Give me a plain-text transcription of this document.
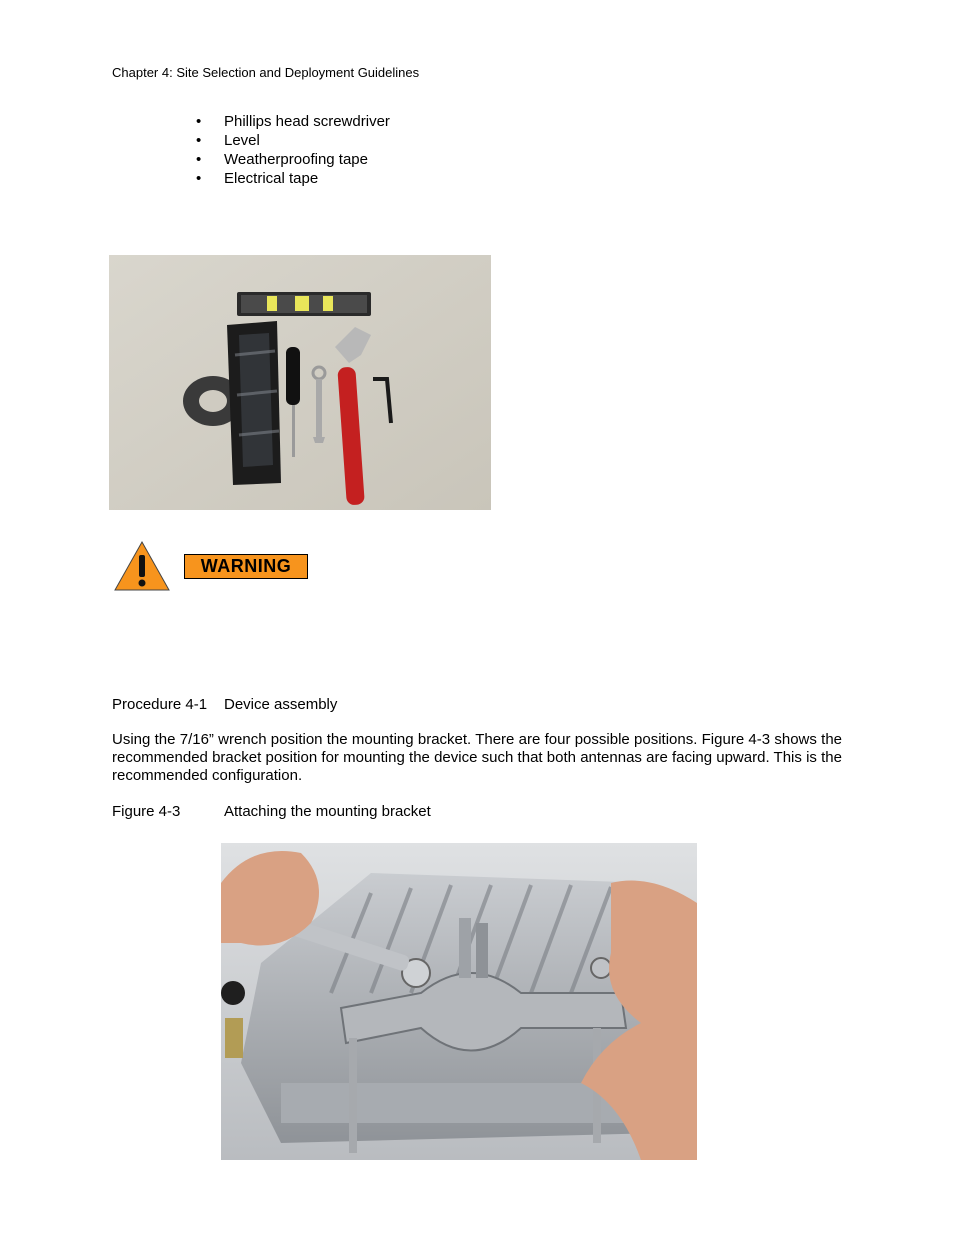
Chapter 4: Site Selection and Deployment Guidelines
• Phillips head screwdriver
• Level
• Weatherproofing tape
• Electrical tape
WARNING
Procedure 4-1 Device assembly
Using the 7/16” wrench position the mounting bracket. There are four possible positions. Figure 4-3 shows the recommended bracket position for mounting the device such that both antennas are facing upward. This is the recommended configuration.
Figure 4-3	Attaching the mounting bracket
